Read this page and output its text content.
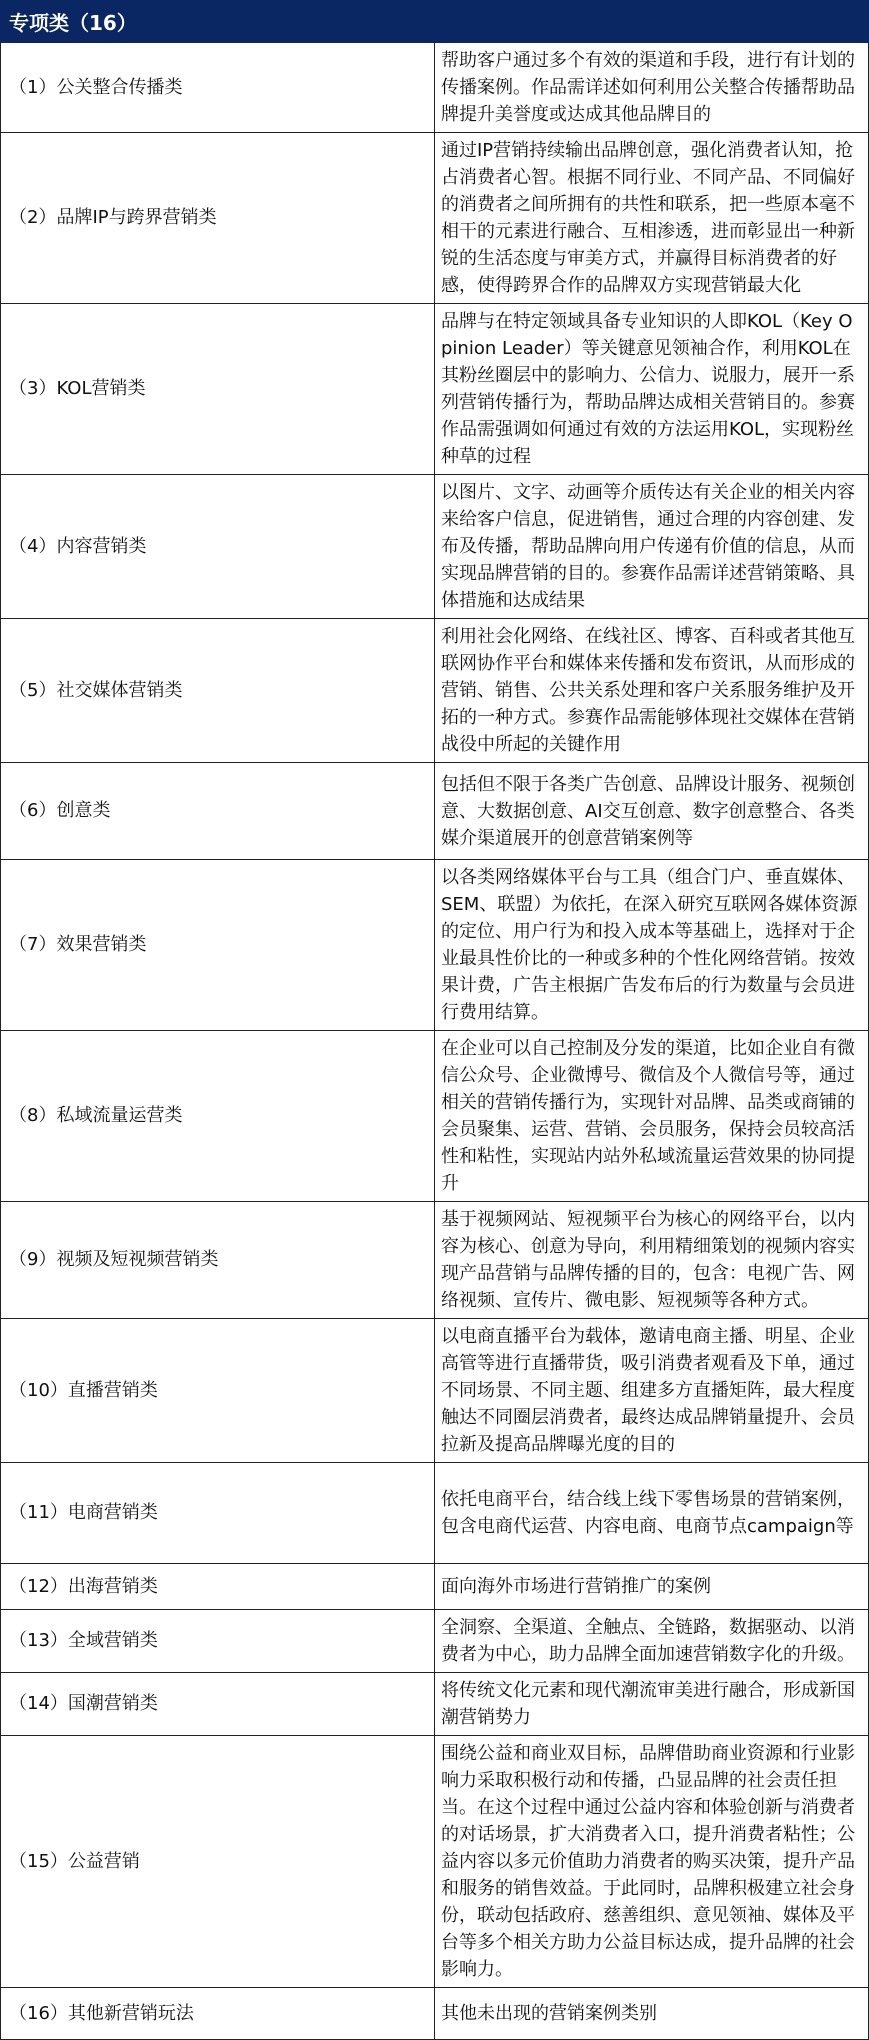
专项类（16）	
（1）公关整合传播类	帮助客户通过多个有效的渠道和手段，进行有计划的传播案例。作品需详述如何利用公关整合传播帮助品牌提升美誉度或达成其他品牌目的
（2）品牌IP与跨界营销类	通过IP营销持续输出品牌创意，强化消费者认知，抢占消费者心智。根据不同行业、不同产品、不同偏好的消费者之间所拥有的共性和联系，把一些原本毫不相干的元素进行融合、互相渗透，进而彰显出一种新锐的生活态度与审美方式，并赢得目标消费者的好感，使得跨界合作的品牌双方实现营销最大化
（3）KOL营销类	品牌与在特定领域具备专业知识的人即KOL（Key Opinion Leader）等关键意见领袖合作，利用KOL在其粉丝圈层中的影响力、公信力、说服力，展开一系列营销传播行为，帮助品牌达成相关营销目的。参赛作品需强调如何通过有效的方法运用KOL，实现粉丝种草的过程
（4）内容营销类	以图片、文字、动画等介质传达有关企业的相关内容来给客户信息，促进销售，通过合理的内容创建、发布及传播，帮助品牌向用户传递有价值的信息，从而实现品牌营销的目的。参赛作品需详述营销策略、具体措施和达成结果
（5）社交媒体营销类	利用社会化网络、在线社区、博客、百科或者其他互联网协作平台和媒体来传播和发布资讯，从而形成的营销、销售、公共关系处理和客户关系服务维护及开拓的一种方式。参赛作品需能够体现社交媒体在营销战役中所起的关键作用
（6）创意类	包括但不限于各类广告创意、品牌设计服务、视频创意、大数据创意、AI交互创意、数字创意整合、各类媒介渠道展开的创意营销案例等
（7）效果营销类	以各类网络媒体平台与工具（组合门户、垂直媒体、SEM、联盟）为依托，在深入研究互联网各媒体资源的定位、用户行为和投入成本等基础上，选择对于企业最具性价比的一种或多种的个性化网络营销。按效果计费，广告主根据广告发布后的行为数量与会员进行费用结算。
（8）私域流量运营类	在企业可以自己控制及分发的渠道，比如企业自有微信公众号、企业微博号、微信及个人微信号等，通过相关的营销传播行为，实现针对品牌、品类或商铺的会员聚集、运营、营销、会员服务，保持会员较高活性和粘性，实现站内站外私域流量运营效果的协同提升
（9）视频及短视频营销类	基于视频网站、短视频平台为核心的网络平台，以内容为核心、创意为导向，利用精细策划的视频内容实现产品营销与品牌传播的目的，包含：电视广告、网络视频、宣传片、微电影、短视频等各种方式。
（10）直播营销类	以电商直播平台为载体，邀请电商主播、明星、企业高管等进行直播带货，吸引消费者观看及下单，通过不同场景、不同主题、组建多方直播矩阵，最大程度触达不同圈层消费者，最终达成品牌销量提升、会员拉新及提高品牌曝光度的目的
（11）电商营销类	依托电商平台，结合线上线下零售场景的营销案例，包含电商代运营、内容电商、电商节点campaign等
（12）出海营销类	面向海外市场进行营销推广的案例
（13）全域营销类	全洞察、全渠道、全触点、全链路，数据驱动、以消费者为中心，助力品牌全面加速营销数字化的升级。
（14）国潮营销类	将传统文化元素和现代潮流审美进行融合，形成新国潮营销势力
（15）公益营销	围绕公益和商业双目标，品牌借助商业资源和行业影响力采取积极行动和传播，凸显品牌的社会责任担当。在这个过程中通过公益内容和体验创新与消费者的对话场景，扩大消费者入口，提升消费者粘性；公益内容以多元价值助力消费者的购买决策，提升产品和服务的销售效益。于此同时，品牌积极建立社会身份，联动包括政府、慈善组织、意见领袖、媒体及平台等多个相关方助力公益目标达成，提升品牌的社会影响力。
（16）其他新营销玩法	其他未出现的营销案例类别
